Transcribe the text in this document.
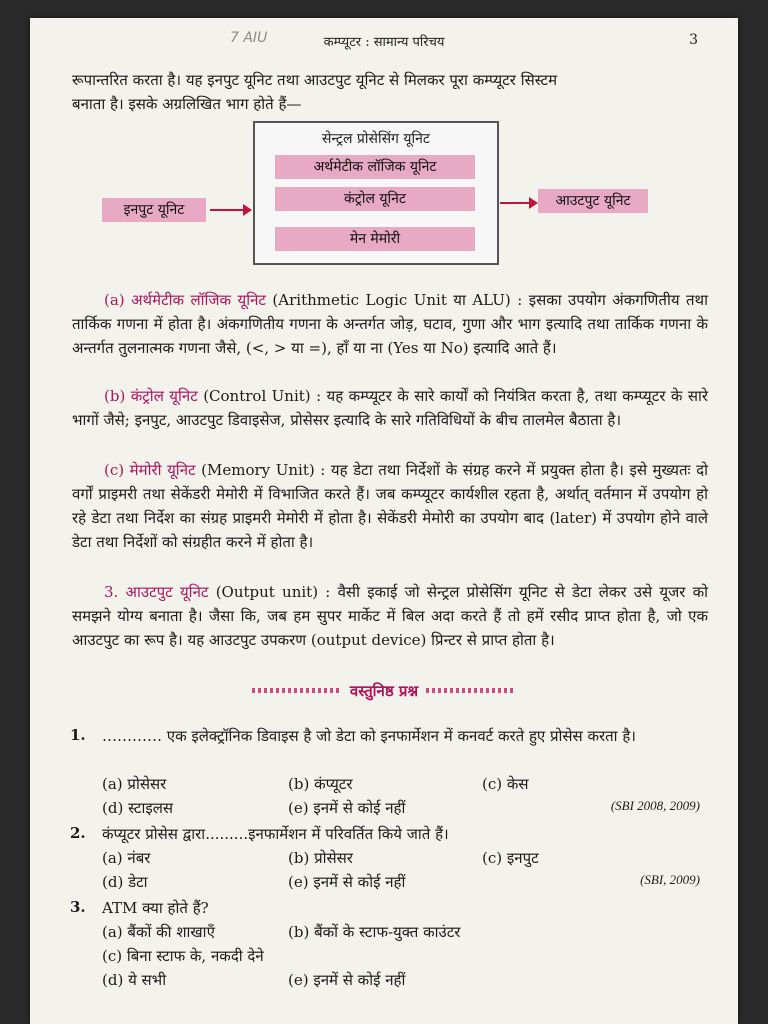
7 AIU	कम्प्यूटर : सामान्य परिचय	3

रूपान्तरित करता है। यह इनपुट यूनिट तथा आउटपुट यूनिट से मिलकर पूरा कम्प्यूटर सिस्टम

बनाता है। इसके अग्रलिखित भाग होते हैं—

सेन्ट्रल प्रोसेसिंग यूनिट
अर्थमेटीक लॉजिक यूनिट
कंट्रोल यूनिट
मेन मेमोरी
इनपुट यूनिट
आउटपुट यूनिट

(a) अर्थमेटीक लॉजिक यूनिट (Arithmetic Logic Unit या ALU) : इसका उपयोग अंकगणितीय तथा तार्किक गणना में होता है। अंकगणितीय गणना के अन्तर्गत जोड़, घटाव, गुणा और भाग इत्यादि तथा तार्किक गणना के अन्तर्गत तुलनात्मक गणना जैसे, (<, > या =), हाँ या ना (Yes या No) इत्यादि आते हैं।

(b) कंट्रोल यूनिट (Control Unit) : यह कम्प्यूटर के सारे कार्यों को नियंत्रित करता है, तथा कम्प्यूटर के सारे भागों जैसे; इनपुट, आउटपुट डिवाइसेज, प्रोसेसर इत्यादि के सारे गतिविधियों के बीच तालमेल बैठाता है।

(c) मेमोरी यूनिट (Memory Unit) : यह डेटा तथा निर्देशों के संग्रह करने में प्रयुक्त होता है। इसे मुख्यतः दो वर्गों प्राइमरी तथा सेकेंडरी मेमोरी में विभाजित करते हैं। जब कम्प्यूटर कार्यशील रहता है, अर्थात् वर्तमान में उपयोग हो रहे डेटा तथा निर्देश का संग्रह प्राइमरी मेमोरी में होता है। सेकेंडरी मेमोरी का उपयोग बाद (later) में उपयोग होने वाले डेटा तथा निर्देशों को संग्रहीत करने में होता है।

3. आउटपुट यूनिट (Output unit) : वैसी इकाई जो सेन्ट्रल प्रोसेसिंग यूनिट से डेटा लेकर उसे यूजर को समझने योग्य बनाता है। जैसा कि, जब हम सुपर मार्केट में बिल अदा करते हैं तो हमें रसीद प्राप्त होता है, जो एक आउटपुट का रूप है। यह आउटपुट उपकरण (output device) प्रिन्टर से प्राप्त होता है।

वस्तुनिष्ठ प्रश्न
1. ………… एक इलेक्ट्रॉनिक डिवाइस है जो डेटा को इनफार्मेशन में कनवर्ट करते हुए प्रोसेस करता है।
(a) प्रोसेसर	(b) कंप्यूटर	(c) केस
(d) स्टाइलस	(e) इनमें से कोई नहीं	(SBI 2008, 2009)
2. कंप्यूटर प्रोसेस द्वारा.........इनफार्मेशन में परिवर्तित किये जाते हैं।
(a) नंबर	(b) प्रोसेसर	(c) इनपुट
(d) डेटा	(e) इनमें से कोई नहीं	(SBI, 2009)
3. ATM क्या होते हैं?
(a) बैंकों की शाखाएँ	(b) बैंकों के स्टाफ-युक्त काउंटर
(c) बिना स्टाफ के, नकदी देने
(d) ये सभी	(e) इनमें से कोई नहीं
